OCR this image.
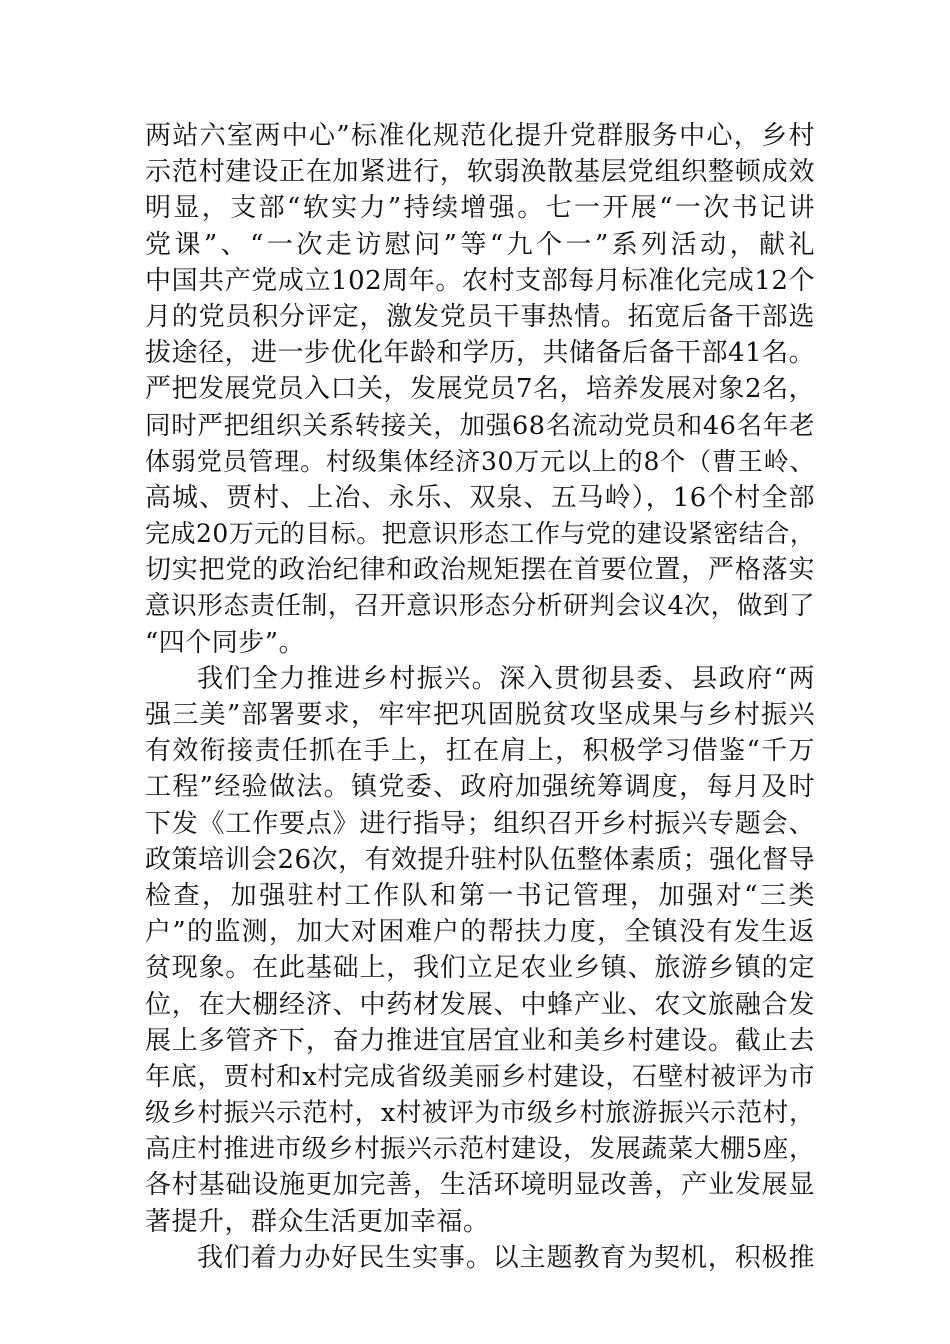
两站六室两中心”标准化规范化提升党群服务中心，乡村
示范村建设正在加紧进行，软弱涣散基层党组织整顿成效
明显，支部“软实力”持续增强。七一开展“一次书记讲
党课”、“一次走访慰问”等“九个一”系列活动，献礼
中国共产党成立102周年。农村支部每月标准化完成12个
月的党员积分评定，激发党员干事热情。拓宽后备干部选
拔途径，进一步优化年龄和学历，共储备后备干部41名。
严把发展党员入口关，发展党员7名，培养发展对象2名，
同时严把组织关系转接关，加强68名流动党员和46名年老
体弱党员管理。村级集体经济30万元以上的8个（曹王岭、
高城、贾村、上冶、永乐、双泉、五马岭），16个村全部
完成20万元的目标。把意识形态工作与党的建设紧密结合，
切实把党的政治纪律和政治规矩摆在首要位置，严格落实
意识形态责任制，召开意识形态分析研判会议4次，做到了
“四个同步”。
我们全力推进乡村振兴。深入贯彻县委、县政府“两
强三美”部署要求，牢牢把巩固脱贫攻坚成果与乡村振兴
有效衔接责任抓在手上，扛在肩上，积极学习借鉴“千万
工程”经验做法。镇党委、政府加强统筹调度，每月及时
下发《工作要点》进行指导；组织召开乡村振兴专题会、
政策培训会26次，有效提升驻村队伍整体素质；强化督导
检查，加强驻村工作队和第一书记管理，加强对“三类
户”的监测，加大对困难户的帮扶力度，全镇没有发生返
贫现象。在此基础上，我们立足农业乡镇、旅游乡镇的定
位，在大棚经济、中药材发展、中蜂产业、农文旅融合发
展上多管齐下，奋力推进宜居宜业和美乡村建设。截止去
年底，贾村和x村完成省级美丽乡村建设，石壁村被评为市
级乡村振兴示范村，x村被评为市级乡村旅游振兴示范村，
高庄村推进市级乡村振兴示范村建设，发展蔬菜大棚5座，
各村基础设施更加完善，生活环境明显改善，产业发展显
著提升，群众生活更加幸福。
我们着力办好民生实事。以主题教育为契机，积极推
